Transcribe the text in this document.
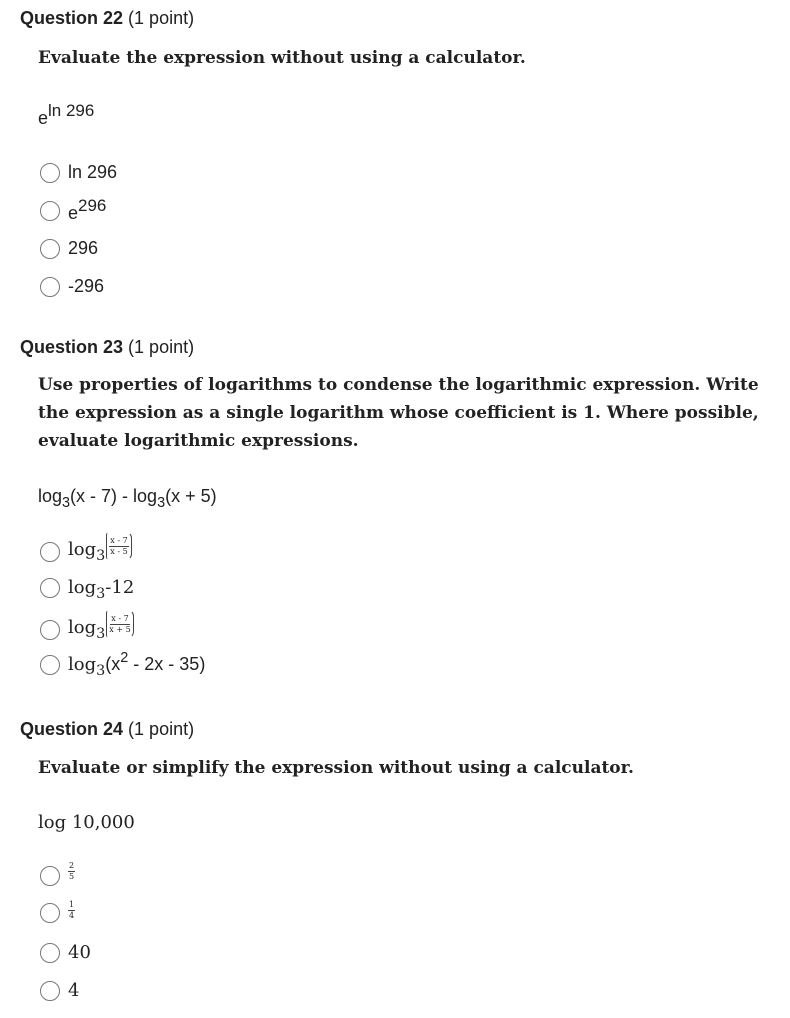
Question 22 (1 point)
Evaluate the expression without using a calculator.
eln 296
ln 296
e296
296
-296
Question 23 (1 point)
Use properties of logarithms to condense the logarithmic expression. Write the expression as a single logarithm whose coefficient is 1. Where possible, evaluate logarithmic expressions.
$\log_3(x - 7) - \log_3(x + 5)$
$\log_3 \frac{x - 7}{x - 5}$
$\log_3-12$
$\log_3 \frac{x - 7}{x + 5}$
$\log_3(x^2 - 2x - 35)$
Question 24 (1 point)
Evaluate or simplify the expression without using a calculator.
log 10,000
$\frac{2}{5}$
$\frac{1}{4}$
40
4
